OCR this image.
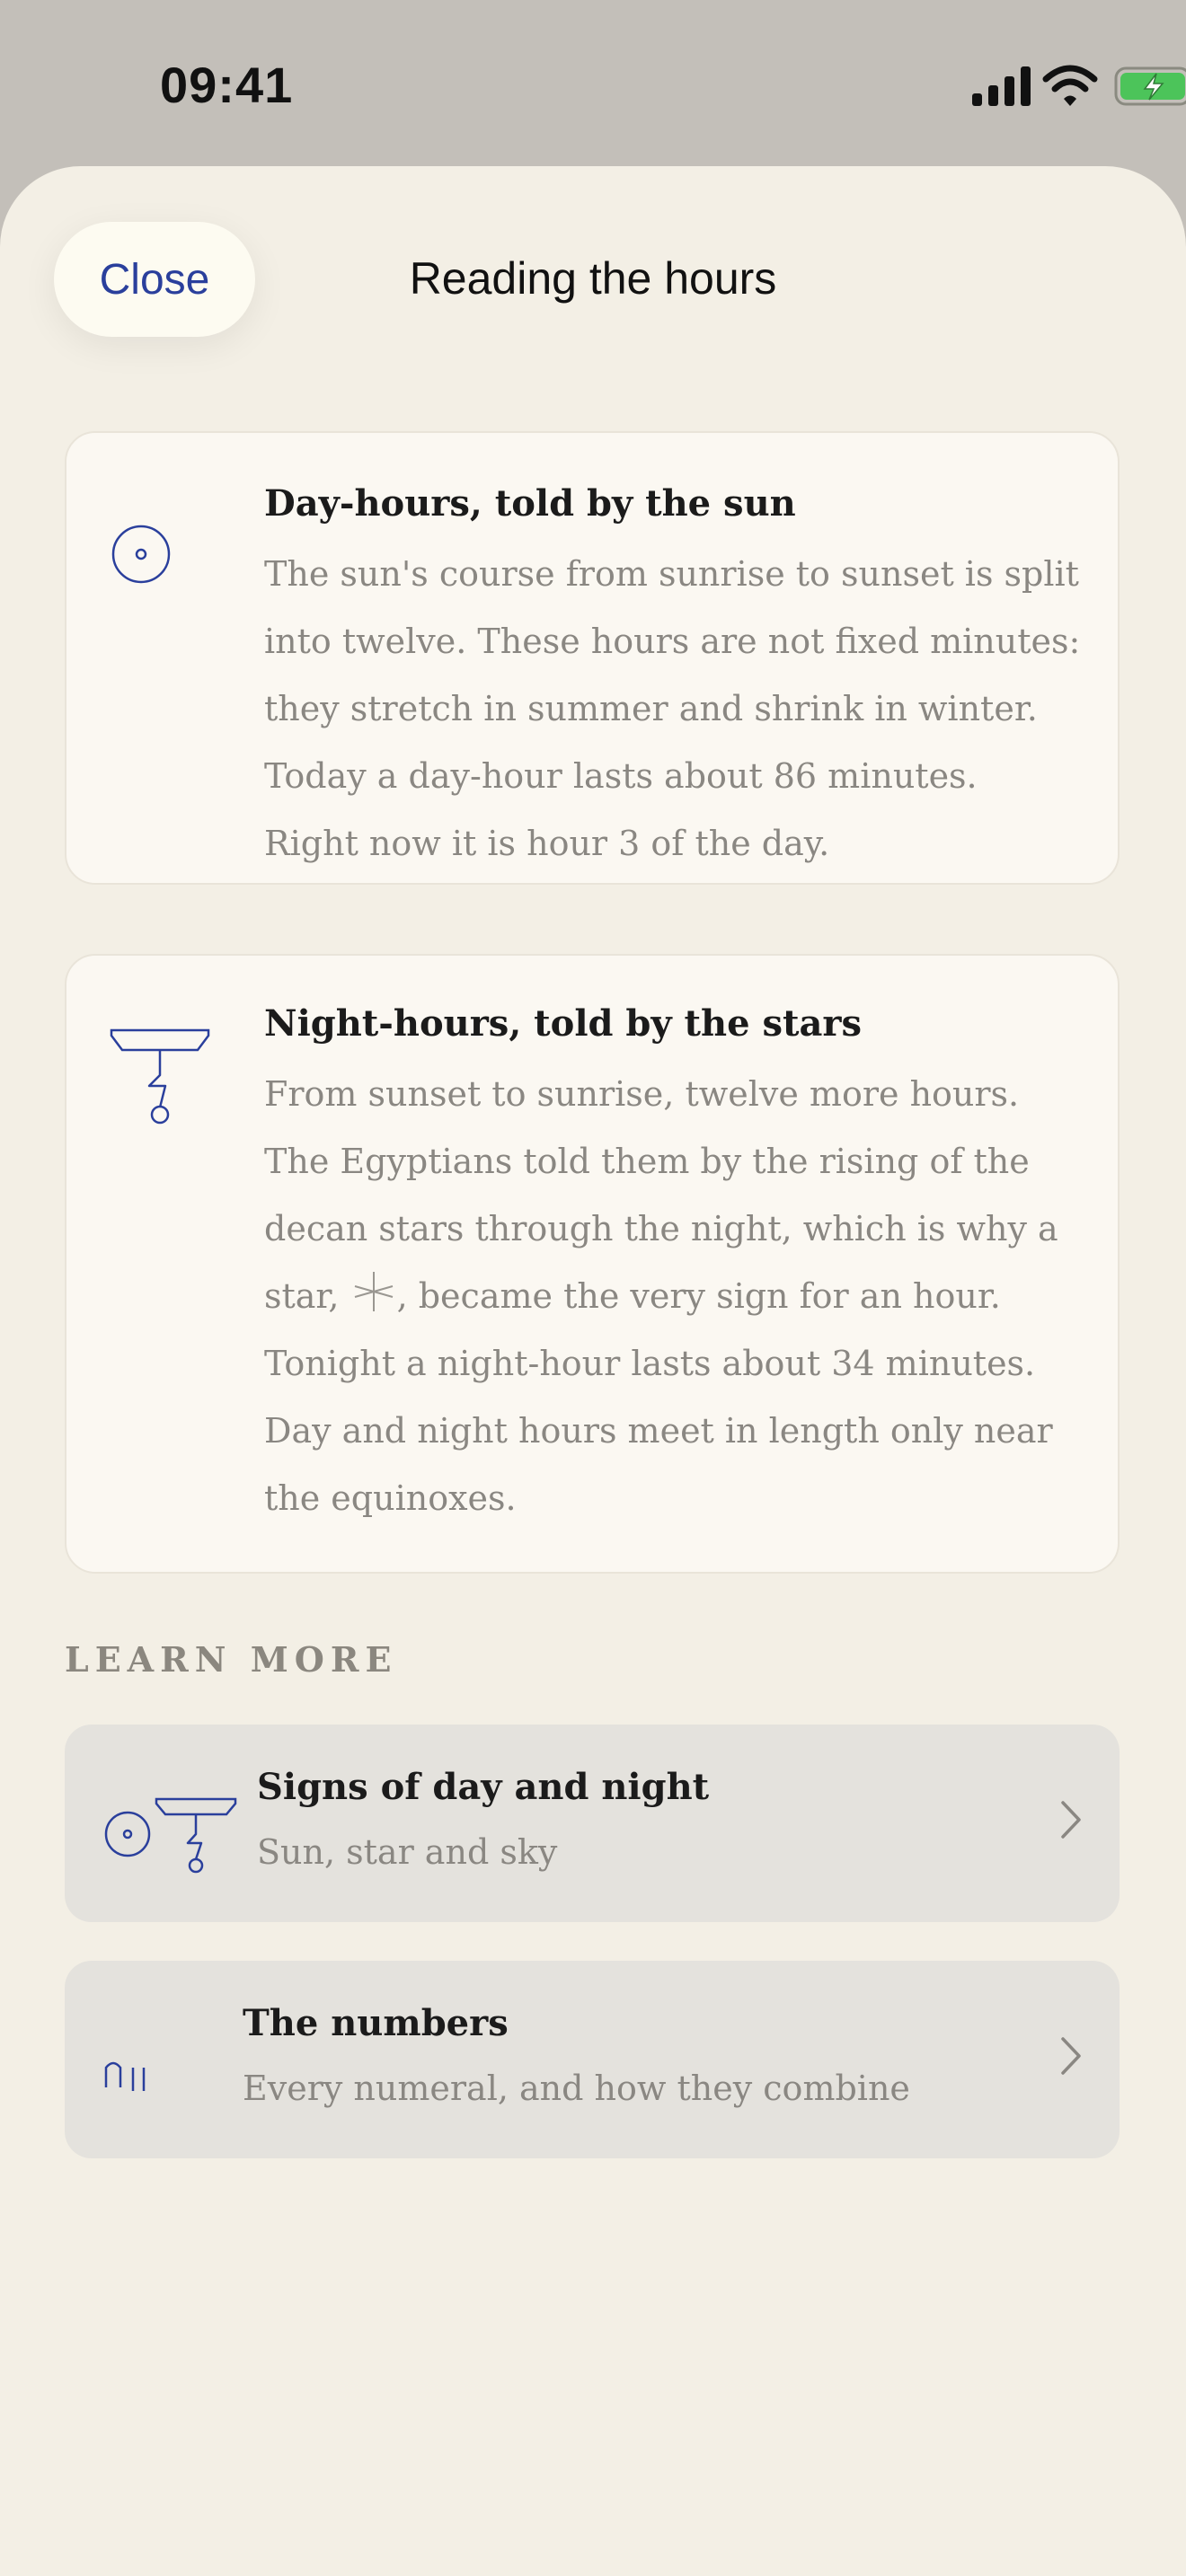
09:41
Close	Reading the hours
Day-hours, told by the sun
The sun's course from sunrise to sunset is split into twelve. These hours are not fixed minutes: they stretch in summer and shrink in winter. Today a day-hour lasts about 86 minutes. Right now it is hour 3 of the day.
Night-hours, told by the stars
From sunset to sunrise, twelve more hours. The Egyptians told them by the rising of the decan stars through the night, which is why a star, , became the very sign for an hour. Tonight a night-hour lasts about 34 minutes. Day and night hours meet in length only near the equinoxes.
LEARN MORE
Signs of day and night
Sun, star and sky
The numbers
Every numeral, and how they combine
